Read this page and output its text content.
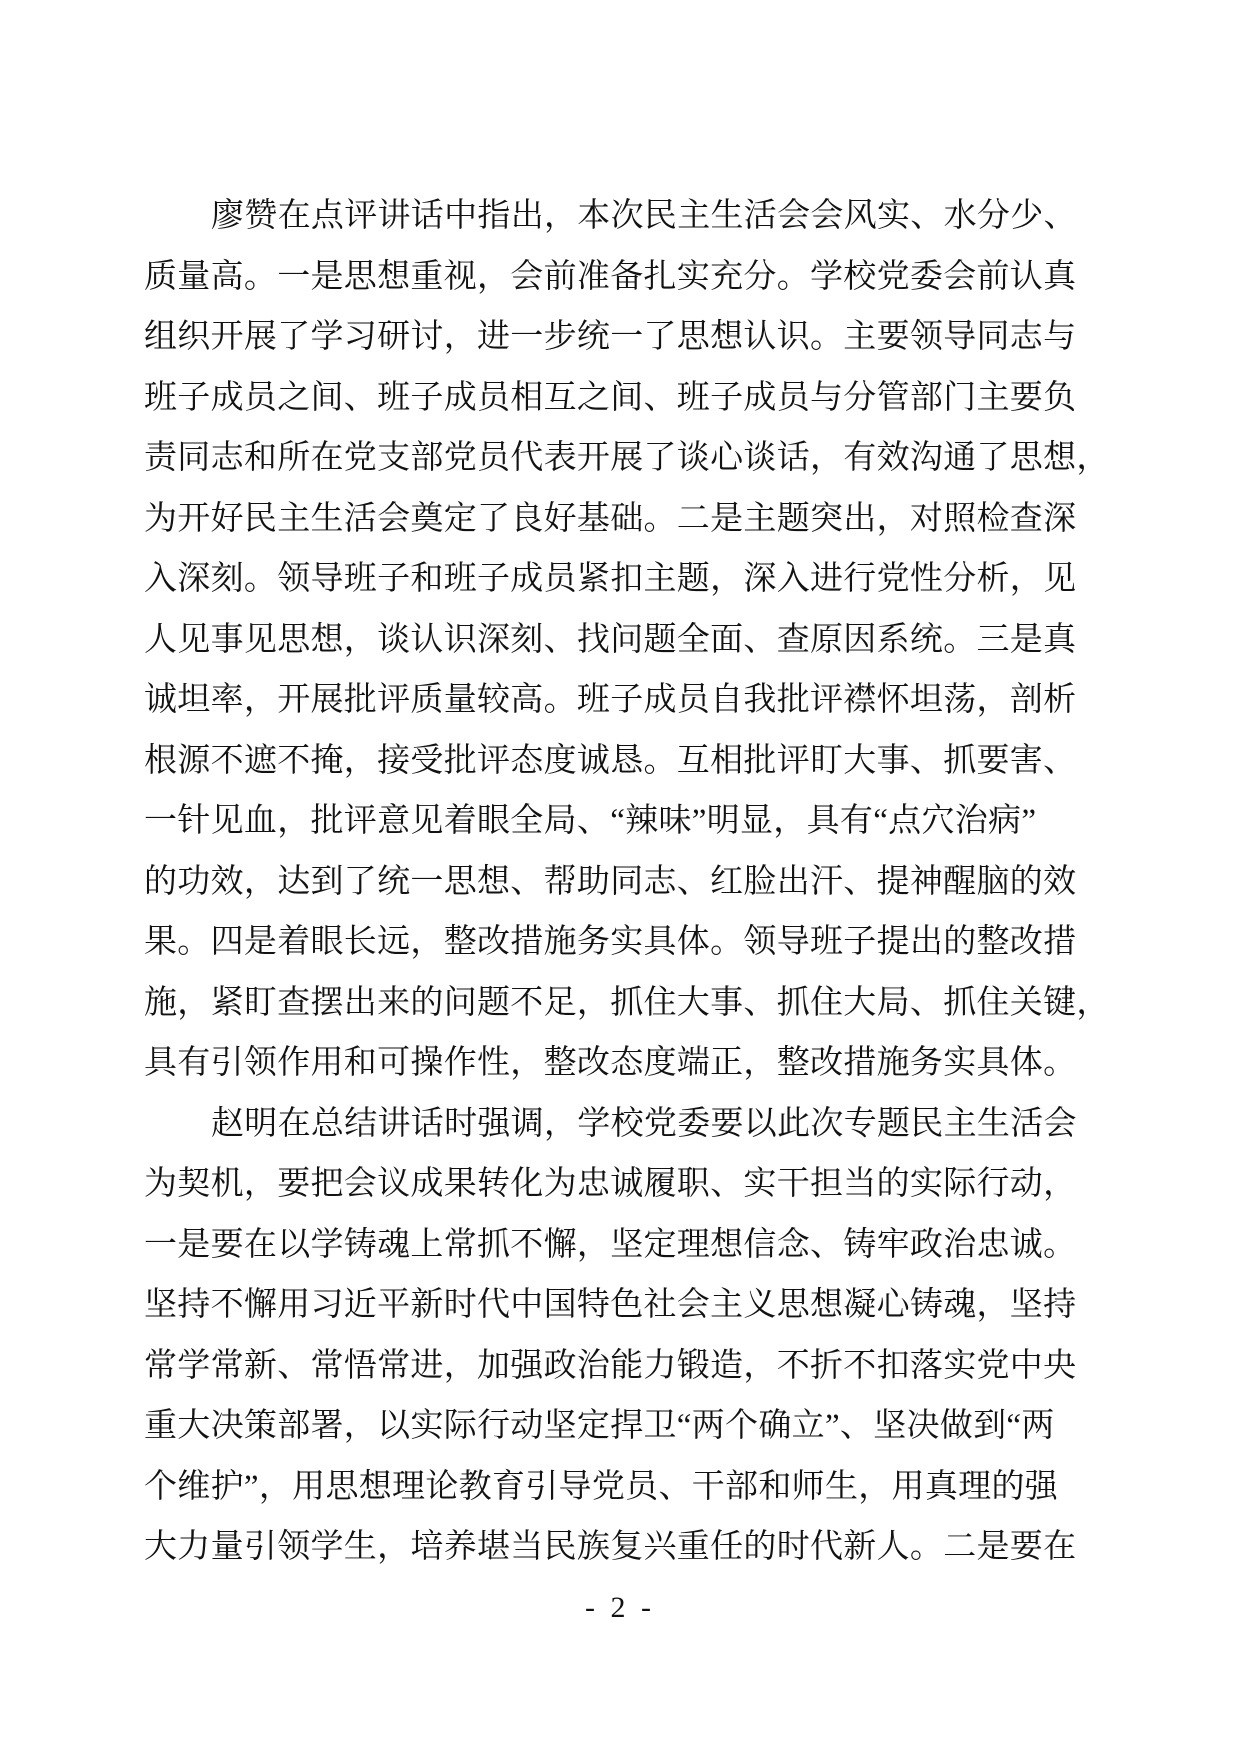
廖赞在点评讲话中指出，本次民主生活会会风实、水分少、
质量高。一是思想重视，会前准备扎实充分。学校党委会前认真
组织开展了学习研讨，进一步统一了思想认识。主要领导同志与
班子成员之间、班子成员相互之间、班子成员与分管部门主要负
责同志和所在党支部党员代表开展了谈心谈话，有效沟通了思想，
为开好民主生活会奠定了良好基础。二是主题突出，对照检查深
入深刻。领导班子和班子成员紧扣主题，深入进行党性分析，见
人见事见思想，谈认识深刻、找问题全面、查原因系统。三是真
诚坦率，开展批评质量较高。班子成员自我批评襟怀坦荡，剖析
根源不遮不掩，接受批评态度诚恳。互相批评盯大事、抓要害、
一针见血，批评意见着眼全局、“辣味”明显，具有“点穴治病”
的功效，达到了统一思想、帮助同志、红脸出汗、提神醒脑的效
果。四是着眼长远，整改措施务实具体。领导班子提出的整改措
施，紧盯查摆出来的问题不足，抓住大事、抓住大局、抓住关键，
具有引领作用和可操作性，整改态度端正，整改措施务实具体。
赵明在总结讲话时强调，学校党委要以此次专题民主生活会
为契机，要把会议成果转化为忠诚履职、实干担当的实际行动，
一是要在以学铸魂上常抓不懈，坚定理想信念、铸牢政治忠诚。
坚持不懈用习近平新时代中国特色社会主义思想凝心铸魂，坚持
常学常新、常悟常进，加强政治能力锻造，不折不扣落实党中央
重大决策部署，以实际行动坚定捍卫“两个确立”、坚决做到“两
个维护”，用思想理论教育引导党员、干部和师生，用真理的强
大力量引领学生，培养堪当民族复兴重任的时代新人。二是要在
- 2 -
